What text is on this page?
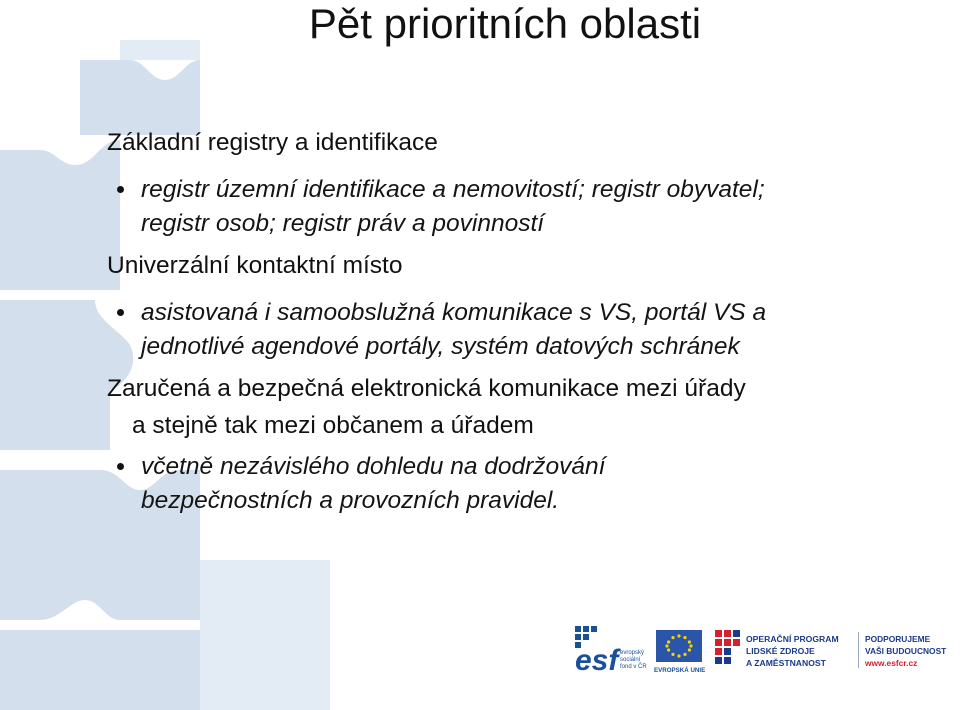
Pět prioritních oblasti
Základní registry a identifikace
registr územní identifikace a nemovitostí; registr obyvatel;
registr osob; registr práv a povinností
Univerzální kontaktní místo
asistovaná i samoobslužná komunikace s VS, portál VS a
jednotlivé agendové portály, systém datových schránek
Zaručená a bezpečná elektronická komunikace mezi úřady
a stejně tak mezi občanem a úřadem
včetně nezávislého dohledu na dodržování
bezpečnostních a provozních pravidel.
esf evropský
sociální
fond v ČR EVROPSKÁ UNIE
OPERAČNÍ PROGRAM
LIDSKÉ ZDROJE
A ZAMĚSTNANOST
PODPORUJEME
VAŠI BUDOUCNOST
www.esfcr.cz
